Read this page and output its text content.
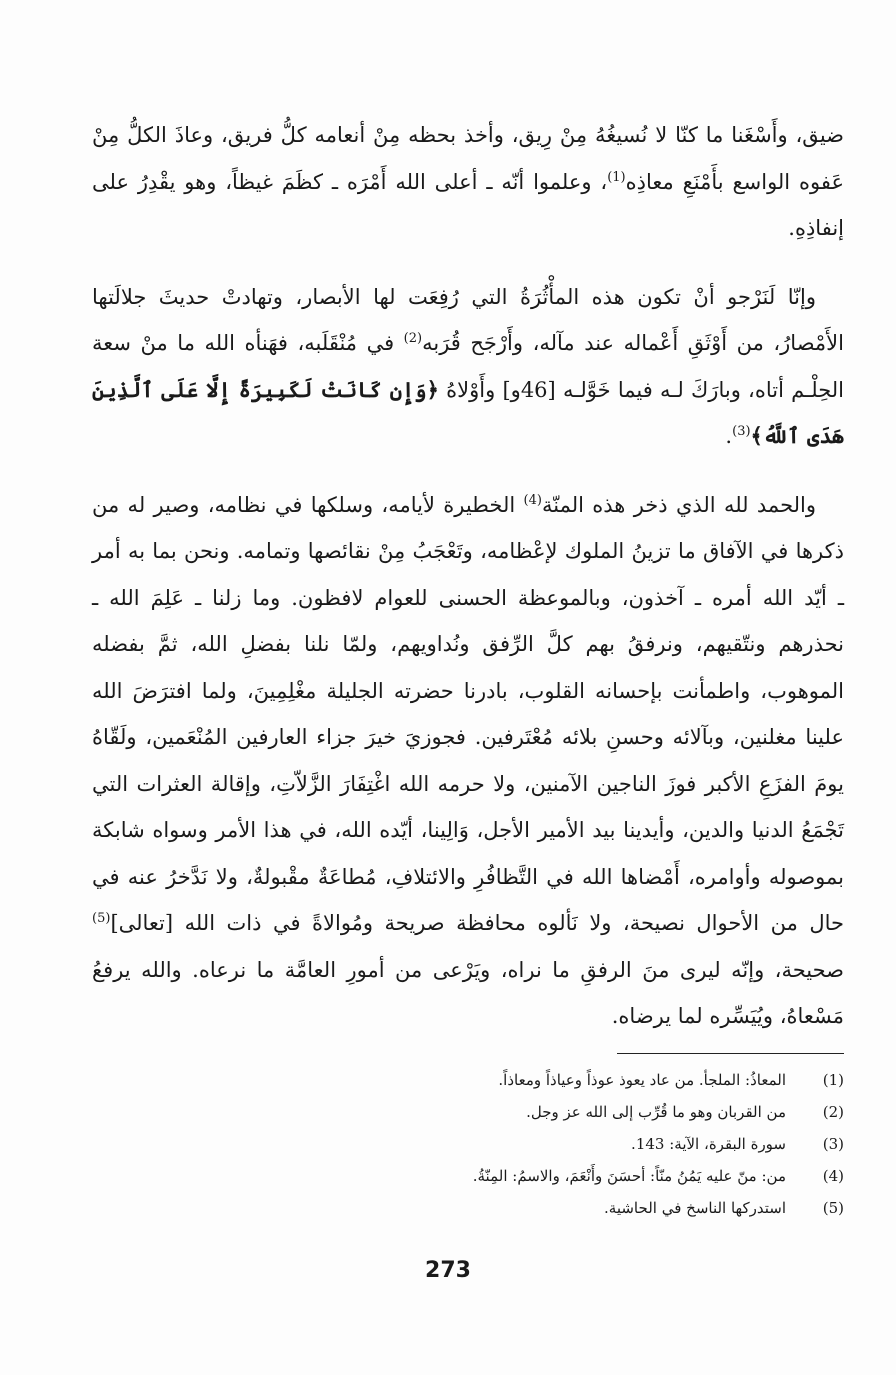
ضيق، وأَسْغَنا ما كنّا لا نُسيغُهُ مِنْ رِيق، وأخذ بحظه مِنْ أنعامه كلُّ فريق، وعاذَ الكلُّ مِنْ عَفوه الواسع بأَمْنَعِ معاذِه$^{(1)}$، وعلموا أنّه ـ أعلى الله أَمْرَه ـ كظَمَ غيظاً، وهو يقْدِرُ على إنفاذِهِ.

وإنّا لَنَرْجو أنْ تكون هذه المأْثُرَةُ التي رُفِعَت لها الأبصار، وتهادتْ حديثَ جلالَتها الأَمْصارُ، من أَوْثَقِ أَعْماله عند مآله، وأَرْجَح قُرَبه$^{(2)}$ في مُنْقَلَبه، فهَنأه الله ما منْ سعة الحِلْـم أتاه، وبارَكَ لـه فيما خَوَّلـه [46و] وأَوْلاهُ ﴿وَإِن كَانَتْ لَكَبِيرَةً إِلَّا عَلَى ٱلَّذِينَ هَدَى ٱللَّهُ﴾$^{(3)}$.

والحمد لله الذي ذخر هذه المنّة$^{(4)}$ الخطيرة لأيامه، وسلكها في نظامه، وصير له من ذكرها في الآفاق ما تزينُ الملوك لإعْظامه، وتَعْجَبُ مِنْ نقائصها وتمامه. ونحن بما به أمر ـ أيّد الله أمره ـ آخذون، وبالموعظة الحسنى للعوام لافظون. وما زلنا ـ عَلِمَ الله ـ نحذرهم ونتّقيهم، ونرفقُ بهم كلَّ الرِّفق ونُداويهم، ولمّا نلنا بفضلِ الله، ثمَّ بفضله الموهوب، واطمأنت بإحسانه القلوب، بادرنا حضرته الجليلة مغْلِمِينَ، ولما افترَضَ الله علينا مغلنين، وبآلائه وحسنِ بلائه مُعْتَرفين. فجوزيَ خيرَ جزاء العارفين المُنْعَمين، ولَقّاهُ يومَ الفزَعِ الأكبر فوزَ الناجين الآمنين، ولا حرمه الله اغْتِفَارَ الزَّلاّتِ، وإقالة العثرات التي تَجْمَعُ الدنيا والدين، وأيدينا بيد الأمير الأجل، وَالِينا، أيّده الله، في هذا الأمر وسواه شابكة بموصوله وأوامره، أَمْضاها الله في التَّظافُرِ والائتلافِ، مُطاعَةٌ مقْبولةٌ، ولا نَدَّخرُ عنه في حال من الأحوال نصيحة، ولا نَألوه محافظة صريحة ومُوالاةً في ذات الله [تعالى]$^{(5)}$ صحيحة، وإنّه ليرى منَ الرفقِ ما نراه، ويَرْعى من أمورِ العامَّة ما نرعاه. والله يرفعُ مَسْعاهُ، ويُيَسِّره لما يرضاه.

(1)
المعاذُ: الملجأ. من عاد يعوذ عوذاً وعياذاً ومعاذاً.
(2)
من القربان وهو ما قُرِّب إلى الله عز وجل.
(3)
سورة البقرة، الآية: 143.
(4)
من: منّ عليه يَمُنُ منّاً: أحسَنَ وأَنْعَمَ، والاسمُ: المِنّةُ.
(5)
استدركها الناسخ في الحاشية.
273
